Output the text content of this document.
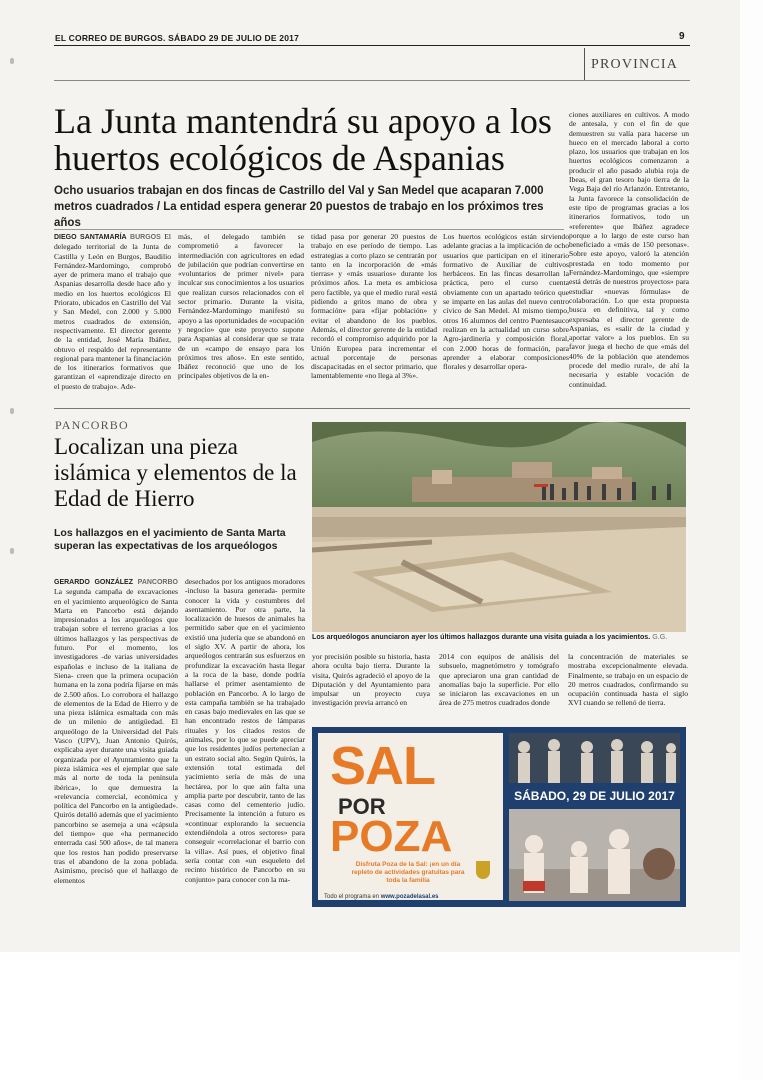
EL CORREO DE BURGOS. SÁBADO 29 DE JULIO DE 2017	9
PROVINCIA
La Junta mantendrá su apoyo a los huertos ecológicos de Aspanias
Ocho usuarios trabajan en dos fincas de Castrillo del Val y San Medel que acaparan 7.000 metros cuadrados / La entidad espera generar 20 puestos de trabajo en los próximos tres años
DIEGO SANTAMARÍA BURGOS El delegado territorial de la Junta de Castilla y León en Burgos, Baudilio Fernández-Mardomingo, comprobó ayer de primera mano el trabajo que Aspanias desarrolla desde hace año y medio en los huertos ecológicos El Priorato, ubicados en Castrillo del Val y San Medel, con 2.000 y 5.000 metros cuadrados de extensión, respectivamente. El director gerente de la entidad, José María Ibáñez, obtuvo el respaldo del representante regional para mantener la financiación de los itinerarios formativos que garantizan el «aprendizaje directo en el puesto de trabajo». Ade-
más, el delegado también se comprometió a favorecer la intermediación con agricultores en edad de jubilación que podrían convertirse en «voluntarios de primer nivel» para inculcar sus conocimientos a los usuarios que realizan cursos relacionados con el sector primario. Durante la visita, Fernández-Mardomingo manifestó su apoyo a las oportunidades de «ocupación y negocio» que este proyecto supone para Aspanias al considerar que se trata de un «campo de ensayo para los próximos tres años». En este sentido, Ibáñez reconoció que uno de los principales objetivos de la en-
tidad pasa por generar 20 puestos de trabajo en ese período de tiempo. Las estrategias a corto plazo se centrarán por tanto en la incorporación de «más tierras» y «más usuarios» durante los próximos años. La meta es ambiciosa pero factible, ya que el medio rural «está pidiendo a gritos mano de obra y formación» para «fijar población» y evitar el abandono de los pueblos. Además, el director gerente de la entidad recordó el compromiso adquirido por la Unión Europea para incrementar el actual porcentaje de personas discapacitadas en el sector primario, que lamentablemente «no llega al 3%».
Los huertos ecológicos están sirviendo adelante gracias a la implicación de ocho usuarios que participan en el itinerario formativo de Auxiliar de cultivos herbáceos. En las fincas desarrollan la práctica, pero el curso cuenta obviamente con un apartado teórico que se imparte en las aulas del nuevo centro cívico de San Medel. Al mismo tiempo, otros 16 alumnos del centro Puentesauco realizan en la actualidad un curso sobre Agro-jardinería y composición floral, con 2.000 horas de formación, para aprender a elaborar composiciones florales y desarrollar opera-
ciones auxiliares en cultivos. A modo de antesala, y con el fin de que demuestren su valía para hacerse un hueco en el mercado laboral a corto plazo, los usuarios que trabajan en los huertos ecológicos comenzaron a producir el año pasado alubia roja de Ibeas, el gran tesoro bajo tierra de la Vega Baja del río Arlanzón. Entretanto, la Junta favorece la consolidación de este tipo de programas gracias a los itinerarios formativos, todo un «referente» que Ibáñez agradece porque a lo largo de este curso han beneficiado a «más de 150 personas». Sobre este apoyo, valoró la atención prestada en todo momento por Fernández-Mardomingo, que «siempre está detrás de nuestros proyectos» para estudiar «nuevas fórmulas» de colaboración. Lo que esta propuesta busca en definitiva, tal y como expresaba el director gerente de Aspanias, es «salir de la ciudad y aportar valor» a los pueblos. En su favor juega el hecho de que «más del 40% de la población que atendemos procede del medio rural», de ahí la necesaria y estable vocación de continuidad.
PANCORBO
Localizan una pieza islámica y elementos de la Edad de Hierro
Los hallazgos en el yacimiento de Santa Marta superan las expectativas de los arqueólogos
Los arqueólogos anunciaron ayer los últimos hallazgos durante una visita guiada a los yacimientos. G.G.
GERARDO GONZÁLEZ PANCORBO La segunda campaña de excavaciones en el yacimiento arqueológico de Santa Marta en Pancorbo está dejando impresionados a los arqueólogos que trabajan sobre el terreno gracias a los últimos hallazgos y las perspectivas de futuro. Por el momento, los investigadores -de varias universidades españolas e incluso de la italiana de Siena- creen que la primera ocupación humana en la zona podría fijarse en más de 2.500 años. Lo corrobora el hallazgo de elementos de la Edad de Hierro y de una pieza islámica esmaltada con más de un milenio de antigüedad. El arqueólogo de la Universidad del País Vasco (UPV), Juan Antonio Quirós, explicaba ayer durante una visita guiada organizada por el Ayuntamiento que la pieza islámica «es el ejemplar que sale más al norte de toda la península ibérica», lo que demuestra la «relevancia comercial, económica y política del Pancorbo en la antigüedad». Quirós detalló además que el yacimiento pancorbino se asemeja a una «cápsula del tiempo» que «ha permanecido enterrada casi 500 años», de tal manera que los restos han podido preservarse tras el abandono de la zona poblada. Asimismo, precisó que el hallazgo de elementos
desechados por los antiguos moradores -incluso la basura generada- permite conocer la vida y costumbres del asentamiento. Por otra parte, la localización de huesos de animales ha permitido saber que en el yacimiento existió una judería que se abandonó en el siglo XV. A partir de ahora, los arqueólogos centrarán sus esfuerzos en profundizar la excavación hasta llegar a la roca de la base, donde podría hallarse el primer asentamiento de población en Pancorbo. A lo largo de esta campaña también se ha trabajado en casas bajo medievales en las que se han encontrado restos de lámparas rituales y los citados restos de animales, por lo que se puede apreciar que los residentes judíos pertenecían a un estrato social alto. Según Quirós, la extensión total estimada del yacimiento sería de más de una hectárea, por lo que aún falta una amplia parte por descubrir, tanto de las casas como del cementerio judío. Precisamente la intención a futuro es «continuar explorando la secuencia extendiéndola a otros sectores» para conseguir «correlacionar el barrio con la villa». Así pues, el objetivo final sería contar con «un esqueleto del recinto histórico de Pancorbo en su conjunto» para conocer con la ma-
yor precisión posible su historia, hasta ahora oculta bajo tierra. Durante la visita, Quirós agradeció el apoyo de la Diputación y del Ayuntamiento para impulsar un proyecto cuya investigación previa arrancó en
2014 con equipos de análisis del subsuelo, magnetómetro y tomógrafo que apreciaron una gran cantidad de anomalías bajo la superficie. Por ello se iniciaron las excavaciones en un área de 275 metros cuadrados donde
la concentración de materiales se mostraba excepcionalmente elevada. Finalmente, se trabajo en un espacio de 20 metros cuadrados, confirmando su ocupación continuada hasta el siglo XVI cuando se rellenó de tierra.
SAL
POR
POZA
Disfruta Poza de la Sal: ¡en un día repleto de actividades gratuitas para toda la familia
Todo el programa en www.pozadelasal.es
SÁBADO, 29 DE JULIO 2017
